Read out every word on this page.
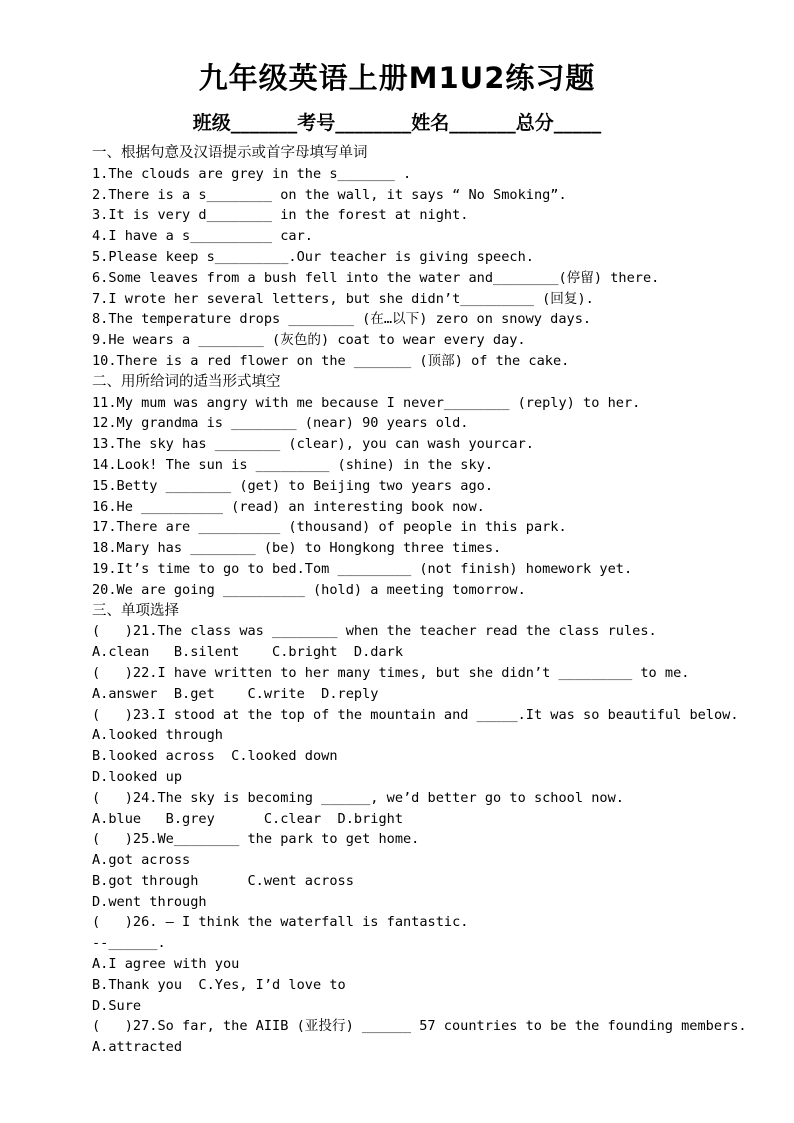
九年级英语上册M1U2练习题
班级_______考号________姓名_______总分_____
一、根据句意及汉语提示或首字母填写单词
1.The clouds are grey in the s_______ .
2.There is a s________ on the wall, it says “ No Smoking”.
3.It is very d________ in the forest at night.
4.I have a s__________ car.
5.Please keep s_________.Our teacher is giving speech.
6.Some leaves from a bush fell into the water and________(停留) there.
7.I wrote her several letters, but she didn’t_________ (回复).
8.The temperature drops ________ (在…以下) zero on snowy days.
9.He wears a ________ (灰色的) coat to wear every day.
10.There is a red flower on the _______ (顶部) of the cake.
二、用所给词的适当形式填空
11.My mum was angry with me because I never________ (reply) to her.
12.My grandma is ________ (near) 90 years old.
13.The sky has ________ (clear), you can wash yourcar.
14.Look! The sun is _________ (shine) in the sky.
15.Betty ________ (get) to Beijing two years ago.
16.He __________ (read) an interesting book now.
17.There are __________ (thousand) of people in this park.
18.Mary has ________ (be) to Hongkong three times.
19.It’s time to go to bed.Tom _________ (not finish) homework yet.
20.We are going __________ (hold) a meeting tomorrow.
三、单项选择
(   )21.The class was ________ when the teacher read the class rules.
A.clean   B.silent    C.bright  D.dark
(   )22.I have written to her many times, but she didn’t _________ to me.
A.answer  B.get    C.write  D.reply
(   )23.I stood at the top of the mountain and _____.It was so beautiful below.
A.looked through
B.looked across  C.looked down
D.looked up
(   )24.The sky is becoming ______, we’d better go to school now.
A.blue   B.grey      C.clear  D.bright
(   )25.We________ the park to get home.
A.got across
B.got through      C.went across
D.went through
(   )26. – I think the waterfall is fantastic.
--______.
A.I agree with you
B.Thank you  C.Yes, I’d love to
D.Sure
(   )27.So far, the AIIB (亚投行) ______ 57 countries to be the founding members.
A.attracted
